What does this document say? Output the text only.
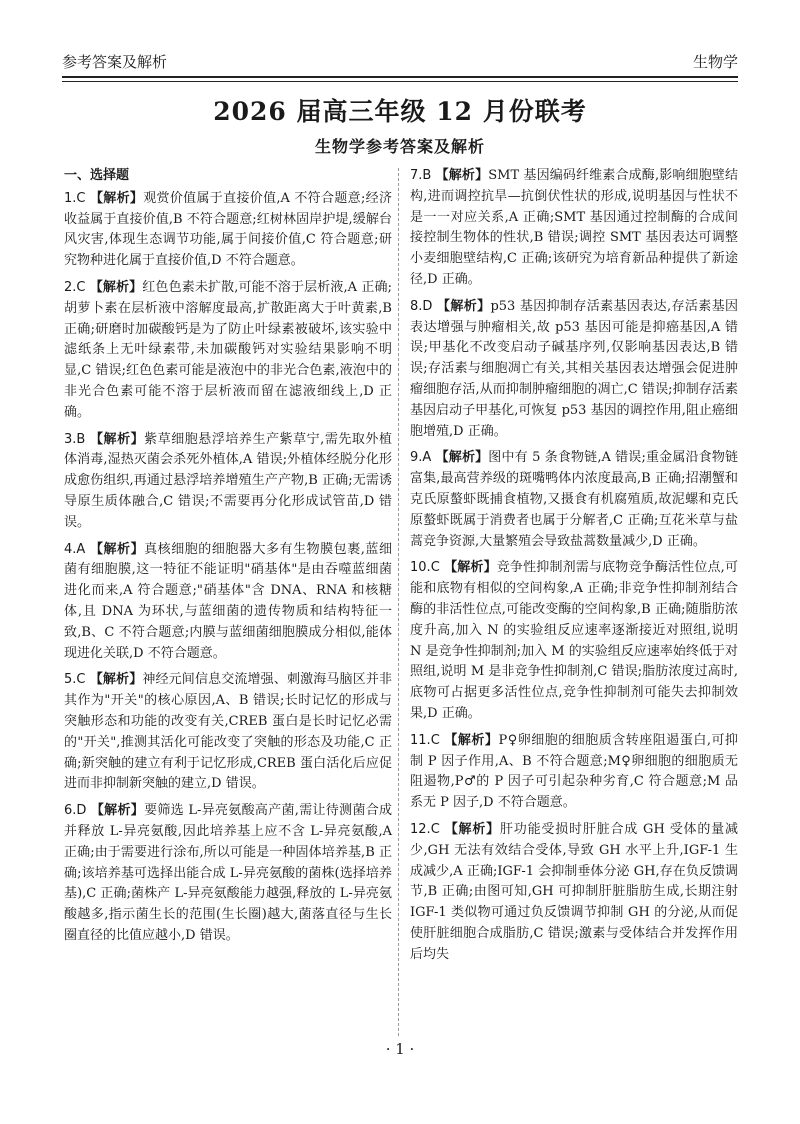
参考答案及解析	生物学
2026 届高三年级 12 月份联考
生物学参考答案及解析
一、选择题
1.C 【解析】观赏价值属于直接价值,A 不符合题意;经济收益属于直接价值,B 不符合题意;红树林固岸护堤,缓解台风灾害,体现生态调节功能,属于间接价值,C 符合题意;研究物种进化属于直接价值,D 不符合题意。
2.C 【解析】红色色素未扩散,可能不溶于层析液,A 正确;胡萝卜素在层析液中溶解度最高,扩散距离大于叶黄素,B 正确;研磨时加碳酸钙是为了防止叶绿素被破坏,该实验中滤纸条上无叶绿素带,未加碳酸钙对实验结果影响不明显,C 错误;红色色素可能是液泡中的非光合色素,液泡中的非光合色素可能不溶于层析液而留在滤液细线上,D 正确。
3.B 【解析】紫草细胞悬浮培养生产紫草宁,需先取外植体消毒,湿热灭菌会杀死外植体,A 错误;外植体经脱分化形成愈伤组织,再通过悬浮培养增殖生产产物,B 正确;无需诱导原生质体融合,C 错误;不需要再分化形成试管苗,D 错误。
4.A 【解析】真核细胞的细胞器大多有生物膜包裹,蓝细菌有细胞膜,这一特征不能证明"硝基体"是由吞噬蓝细菌进化而来,A 符合题意;"硝基体"含 DNA、RNA 和核糖体,且 DNA 为环状,与蓝细菌的遗传物质和结构特征一致,B、C 不符合题意;内膜与蓝细菌细胞膜成分相似,能体现进化关联,D 不符合题意。
5.C 【解析】神经元间信息交流增强、刺激海马脑区并非其作为"开关"的核心原因,A、B 错误;长时记忆的形成与突触形态和功能的改变有关,CREB 蛋白是长时记忆必需的"开关",推测其活化可能改变了突触的形态及功能,C 正确;新突触的建立有利于记忆形成,CREB 蛋白活化后应促进而非抑制新突触的建立,D 错误。
6.D 【解析】要筛选 L-异亮氨酸高产菌,需让待测菌合成并释放 L-异亮氨酸,因此培养基上应不含 L-异亮氨酸,A 正确;由于需要进行涂布,所以可能是一种固体培养基,B 正确;该培养基可选择出能合成 L-异亮氨酸的菌株(选择培养基),C 正确;菌株产 L-异亮氨酸能力越强,释放的 L-异亮氨酸越多,指示菌生长的范围(生长圈)越大,菌落直径与生长圈直径的比值应越小,D 错误。
7.B 【解析】SMT 基因编码纤维素合成酶,影响细胞壁结构,进而调控抗旱—抗倒伏性状的形成,说明基因与性状不是一一对应关系,A 正确;SMT 基因通过控制酶的合成间接控制生物体的性状,B 错误;调控 SMT 基因表达可调整小麦细胞壁结构,C 正确;该研究为培育新品种提供了新途径,D 正确。
8.D 【解析】p53 基因抑制存活素基因表达,存活素基因表达增强与肿瘤相关,故 p53 基因可能是抑癌基因,A 错误;甲基化不改变启动子碱基序列,仅影响基因表达,B 错误;存活素与细胞凋亡有关,其相关基因表达增强会促进肿瘤细胞存活,从而抑制肿瘤细胞的凋亡,C 错误;抑制存活素基因启动子甲基化,可恢复 p53 基因的调控作用,阻止癌细胞增殖,D 正确。
9.A 【解析】图中有 5 条食物链,A 错误;重金属沿食物链富集,最高营养级的斑嘴鸭体内浓度最高,B 正确;招潮蟹和克氏原螯虾既捕食植物,又摄食有机腐殖质,故泥螺和克氏原螯虾既属于消费者也属于分解者,C 正确;互花米草与盐蒿竞争资源,大量繁殖会导致盐蒿数量减少,D 正确。
10.C 【解析】竞争性抑制剂需与底物竞争酶活性位点,可能和底物有相似的空间构象,A 正确;非竞争性抑制剂结合酶的非活性位点,可能改变酶的空间构象,B 正确;随脂肪浓度升高,加入 N 的实验组反应速率逐渐接近对照组,说明 N 是竞争性抑制剂;加入 M 的实验组反应速率始终低于对照组,说明 M 是非竞争性抑制剂,C 错误;脂肪浓度过高时,底物可占据更多活性位点,竞争性抑制剂可能失去抑制效果,D 正确。
11.C 【解析】P♀卵细胞的细胞质含转座阻遏蛋白,可抑制 P 因子作用,A、B 不符合题意;M♀卵细胞的细胞质无阻遏物,P♂的 P 因子可引起杂种劣育,C 符合题意;M 品系无 P 因子,D 不符合题意。
12.C 【解析】肝功能受损时肝脏合成 GH 受体的量减少,GH 无法有效结合受体,导致 GH 水平上升,IGF-1 生成减少,A 正确;IGF-1 会抑制垂体分泌 GH,存在负反馈调节,B 正确;由图可知,GH 可抑制肝脏脂肪生成,长期注射 IGF-1 类似物可通过负反馈调节抑制 GH 的分泌,从而促使肝脏细胞合成脂肪,C 错误;激素与受体结合并发挥作用后均失
· 1 ·
